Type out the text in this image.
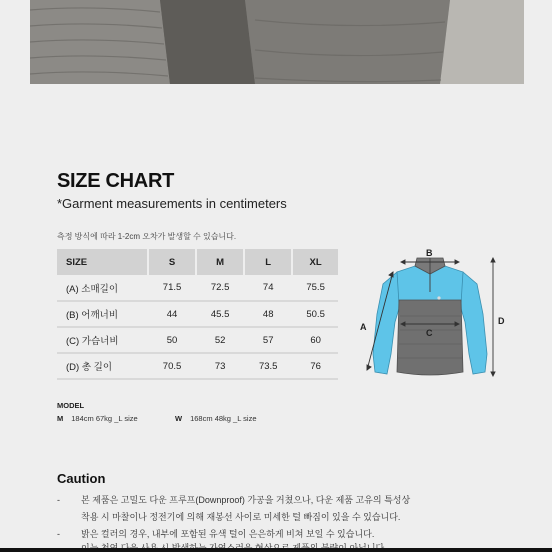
SIZE CHART
*Garment measurements in centimeters
측정 방식에 따라 1-2cm 오차가 발생할 수 있습니다.
SIZE	S	M	L	XL
(A) 소매길이	71.5	72.5	74	75.5
(B) 어깨너비	44	45.5	48	50.5
(C) 가슴너비	50	52	57	60
(D) 총 길이	70.5	73	73.5	76
B
C
D
A
MODEL
M 184cm 67kg _L size	W 168cm 48kg _L size
Caution
- 본 제품은 고밀도 다운 프루프(Downproof) 가공을 거쳤으나, 다운 제품 고유의 특성상
착용 시 마찰이나 정전기에 의해 재봉선 사이로 미세한 털 빠짐이 있을 수 있습니다.
- 밝은 컬러의 경우, 내부에 포함된 유색 털이 은은하게 비쳐 보일 수 있습니다.
